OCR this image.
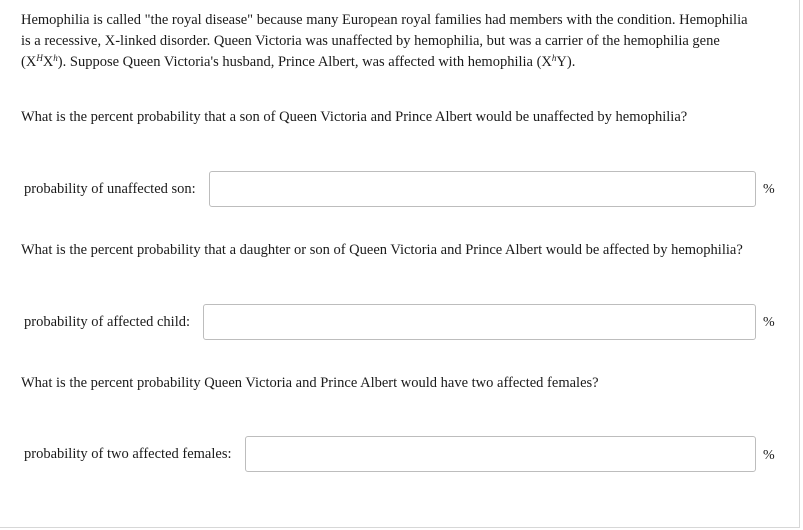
Hemophilia is called "the royal disease" because many European royal families had members with the condition. Hemophilia
is a recessive, X-linked disorder. Queen Victoria was unaffected by hemophilia, but was a carrier of the hemophilia gene
$(X^HX^h)$. Suppose Queen Victoria's husband, Prince Albert, was affected with hemophilia $(X^hY)$.
What is the percent probability that a son of Queen Victoria and Prince Albert would be unaffected by hemophilia?
probability of unaffected son:	%
What is the percent probability that a daughter or son of Queen Victoria and Prince Albert would be affected by hemophilia?
probability of affected child:	%
What is the percent probability Queen Victoria and Prince Albert would have two affected females?
probability of two affected females:	%
